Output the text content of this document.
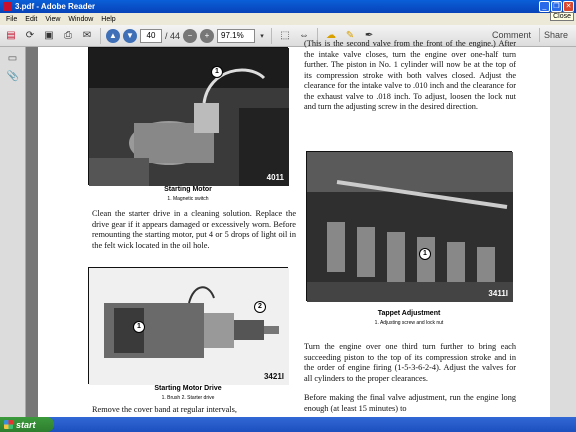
3.pdf - Adobe Reader	_ ❐ ✕
File	Edit	View	Window	Help	Close
▤	⟳	▣	⎙	✉	▲	▼	40	/ 44 −	+	97.1%	▾	⬚ ⇔	☁ ✎	✒	Comment	Share
▭
📎	1
4011
Starting Motor
1. Magnetic switch
Clean the starter drive in a cleaning solution. Replace the drive gear if it appears damaged or excessively worn. Before remounting the starting motor, put 4 or 5 drops of light oil in the felt wick located in the oil hole.
1
2
3421I
Starting Motor Drive
1. Brush 2. Starter drive
Remove the cover band at regular intervals,
(This is the second valve from the front of the engine.) After the intake valve closes, turn the engine over one-half turn further. The piston in No. 1 cylinder will now be at the top of its compression stroke with both valves closed. Adjust the clearance for the intake valve to .010 inch and the clearance for the exhaust valve to .018 inch. To adjust, loosen the lock nut and turn the adjusting screw in the desired direction.
1
3411I
Tappet Adjustment
1. Adjusting screw and lock nut
Turn the engine over one third turn further to bring each succeeding piston to the top of its compression stroke and in the order of engine firing (1-5-3-6-2-4). Adjust the valves for all cylinders to the proper clearances.
Before making the final valve adjustment, run the engine long enough (at least 15 minutes) to
start
